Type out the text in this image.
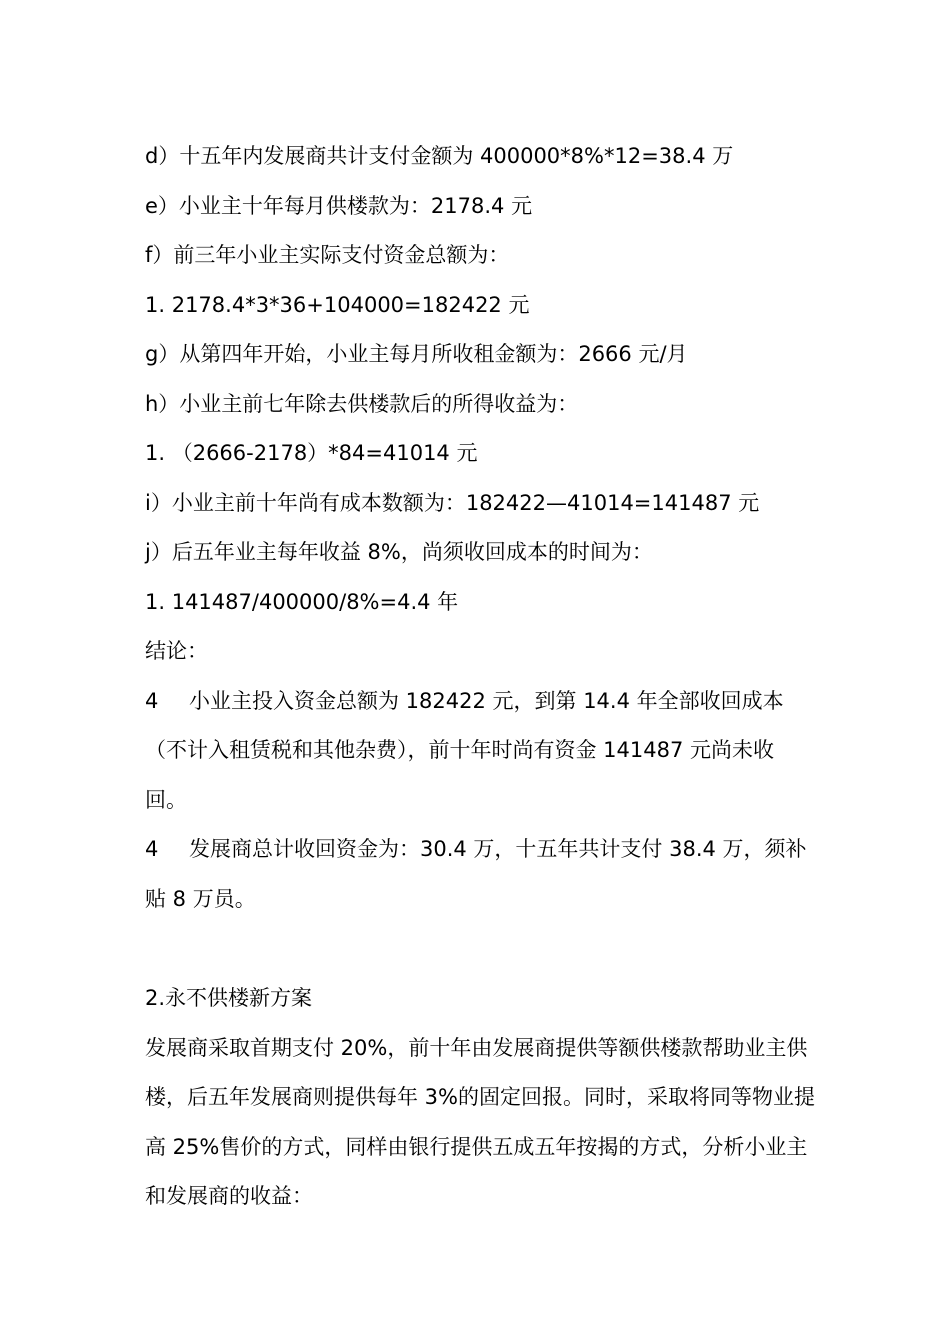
d）十五年内发展商共计支付金额为 400000*8%*12=38.4 万
e）小业主十年每月供楼款为：2178.4 元
f）前三年小业主实际支付资金总额为：
1. 2178.4*3*36+104000=182422 元
g）从第四年开始，小业主每月所收租金额为：2666 元/月
h）小业主前七年除去供楼款后的所得收益为：
1. （2666-2178）*84=41014 元
i）小业主前十年尚有成本数额为：182422—41014=141487 元
j）后五年业主每年收益 8%，尚须收回成本的时间为：
1. 141487/400000/8%=4.4 年
结论：
4 小业主投入资金总额为 182422 元，到第 14.4 年全部收回成本（不计入租赁税和其他杂费），前十年时尚有资金 141487 元尚未收回。
4 发展商总计收回资金为：30.4 万，十五年共计支付 38.4 万，须补贴 8 万员。
2.永不供楼新方案
发展商采取首期支付 20%，前十年由发展商提供等额供楼款帮助业主供楼，后五年发展商则提供每年 3%的固定回报。同时，采取将同等物业提高 25%售价的方式，同样由银行提供五成五年按揭的方式，分析小业主和发展商的收益：
